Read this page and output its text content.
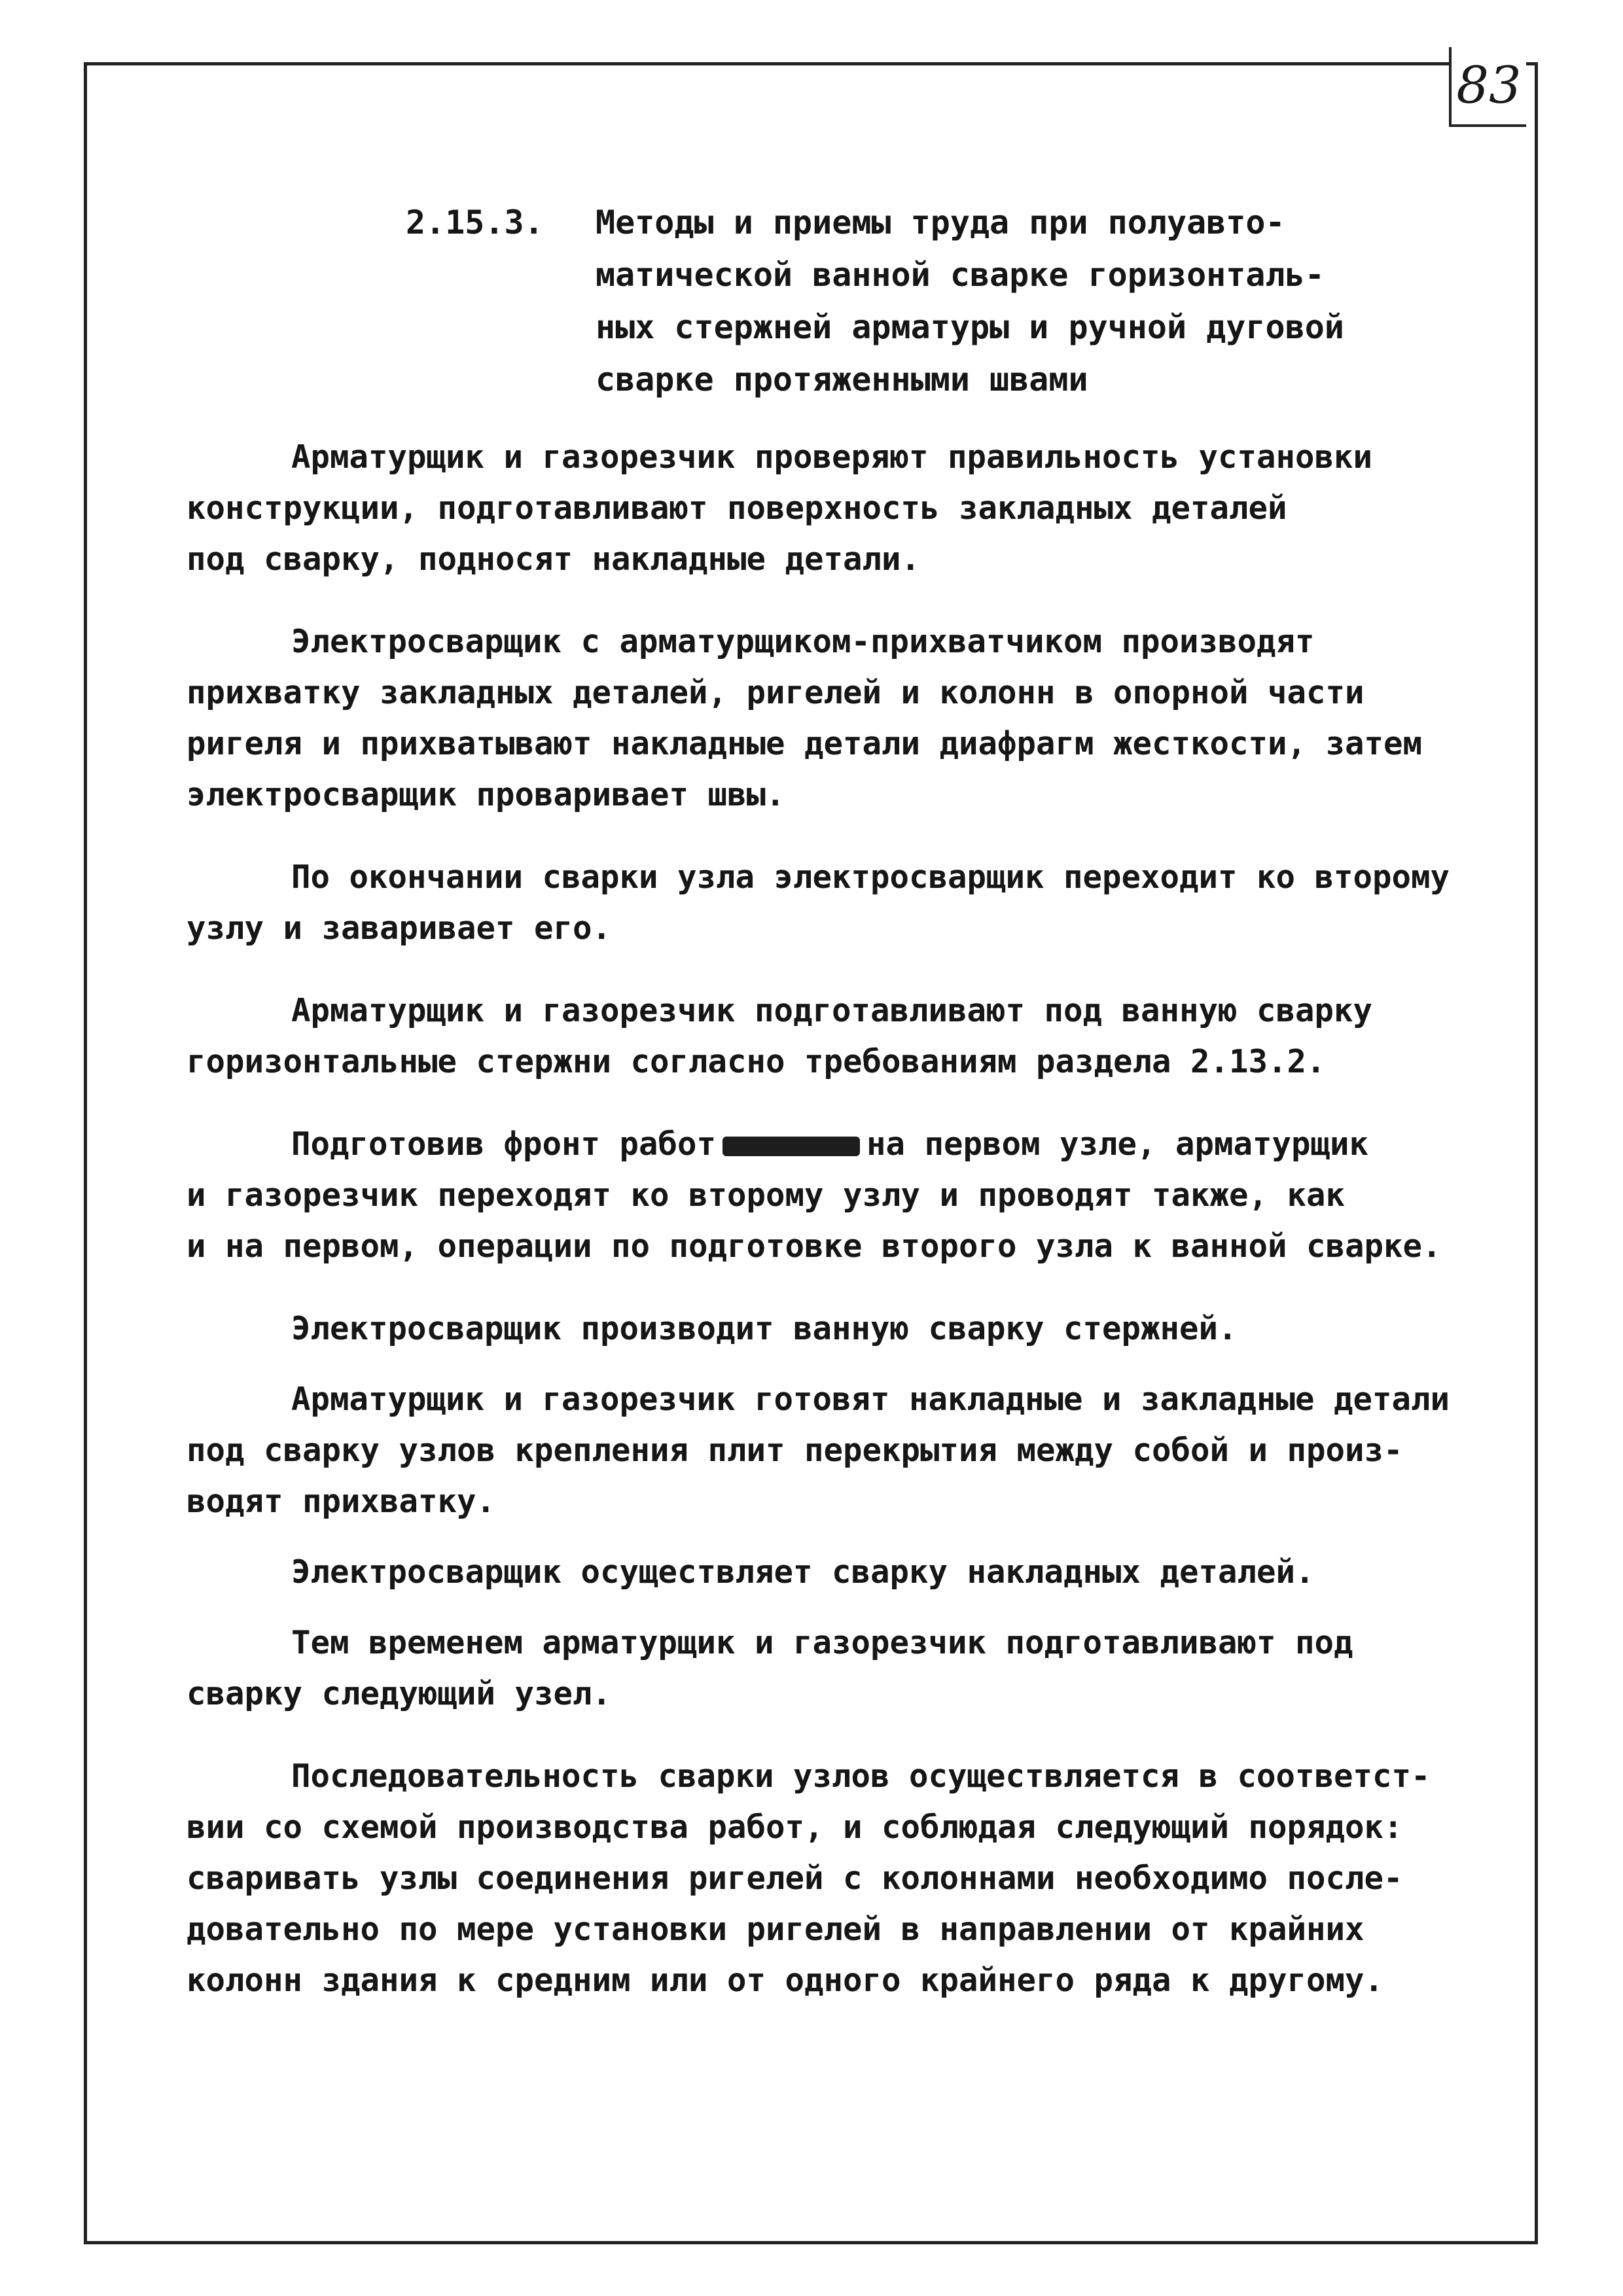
83
2.15.3.	Методы и приемы труда при полуавто-
матической ванной сварке горизонталь-
ных стержней арматуры и ручной дуговой
сварке протяженными швами
Арматурщик и газорезчик проверяют правильность установки
конструкции, подготавливают поверхность закладных деталей
под сварку, подносят накладные детали.
Электросварщик с арматурщиком-прихватчиком производят
прихватку закладных деталей, ригелей и колонн в опорной части
ригеля и прихватывают накладные детали диафрагм жесткости, затем
электросварщик проваривает швы.
По окончании сварки узла электросварщик переходит ко второму
узлу и заваривает его.
Арматурщик и газорезчик подготавливают под ванную сварку
горизонтальные стержни согласно требованиям раздела 2.13.2.
Подготовив фронт работ	на первом узле, арматурщик
и газорезчик переходят ко второму узлу и проводят также, как
и на первом, операции по подготовке второго узла к ванной сварке.
Электросварщик производит ванную сварку стержней.
Арматурщик и газорезчик готовят накладные и закладные детали
под сварку узлов крепления плит перекрытия между собой и произ-
водят прихватку.
Электросварщик осуществляет сварку накладных деталей.
Тем временем арматурщик и газорезчик подготавливают под
сварку следующий узел.
Последовательность сварки узлов осуществляется в соответст-
вии со схемой производства работ, и соблюдая следующий порядок:
сваривать узлы соединения ригелей с колоннами необходимо после-
довательно по мере установки ригелей в направлении от крайних
колонн здания к средним или от одного крайнего ряда к другому.
